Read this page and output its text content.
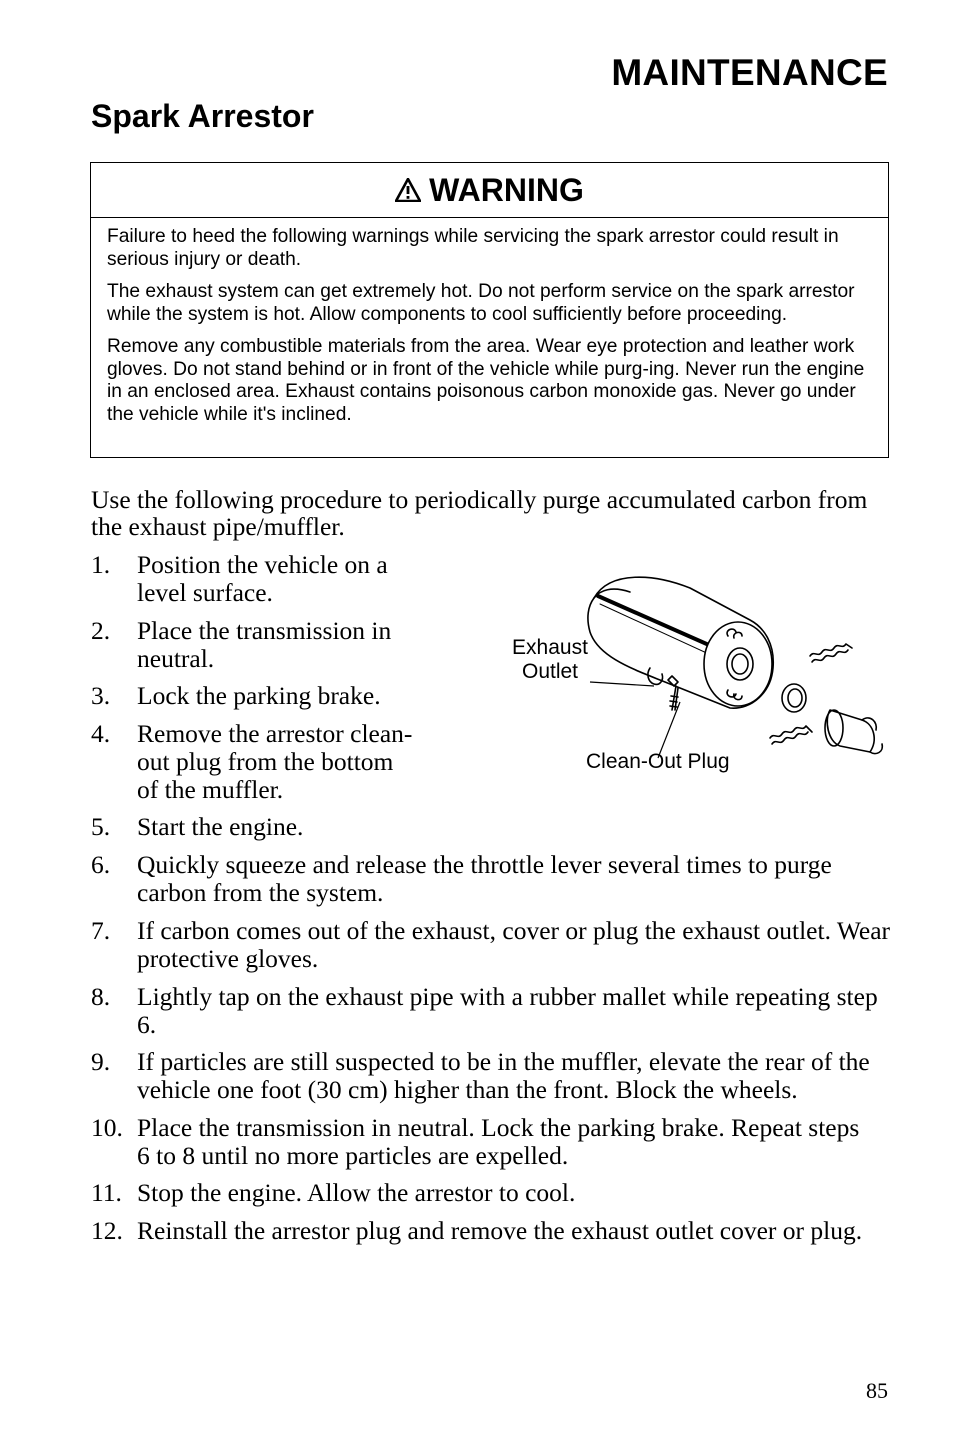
MAINTENANCE
Spark Arrestor
WARNING

Failure to heed the following warnings while servicing the spark arrestor could result in serious injury or death.

The exhaust system can get extremely hot. Do not perform service on the spark arrestor while the system is hot. Allow components to cool sufficiently before proceeding.

Remove any combustible materials from the area. Wear eye protection and leather work gloves. Do not stand behind or in front of the vehicle while purg-ing. Never run the engine in an enclosed area. Exhaust contains poisonous carbon monoxide gas. Never go under the vehicle while it's inclined.

Use the following procedure to periodically purge accumulated carbon from the exhaust pipe/muffler.
1. Position the vehicle on a level surface.
2. Place the transmission in neutral.
3. Lock the parking brake.
4. Remove the arrestor clean-out plug from the bottom of the muffler.
5. Start the engine.
6. Quickly squeeze and release the throttle lever several times to purge carbon from the system.
7. If carbon comes out of the exhaust, cover or plug the exhaust outlet. Wear protective gloves.
8. Lightly tap on the exhaust pipe with a rubber mallet while repeating step 6.
9. If particles are still suspected to be in the muffler, elevate the rear of the vehicle one foot (30 cm) higher than the front. Block the wheels.
10. Place the transmission in neutral. Lock the parking brake. Repeat steps 6 to 8 until no more particles are expelled.
11. Stop the engine. Allow the arrestor to cool.
12. Reinstall the arrestor plug and remove the exhaust outlet cover or plug.
Exhaust
Outlet
Clean-Out Plug
85
